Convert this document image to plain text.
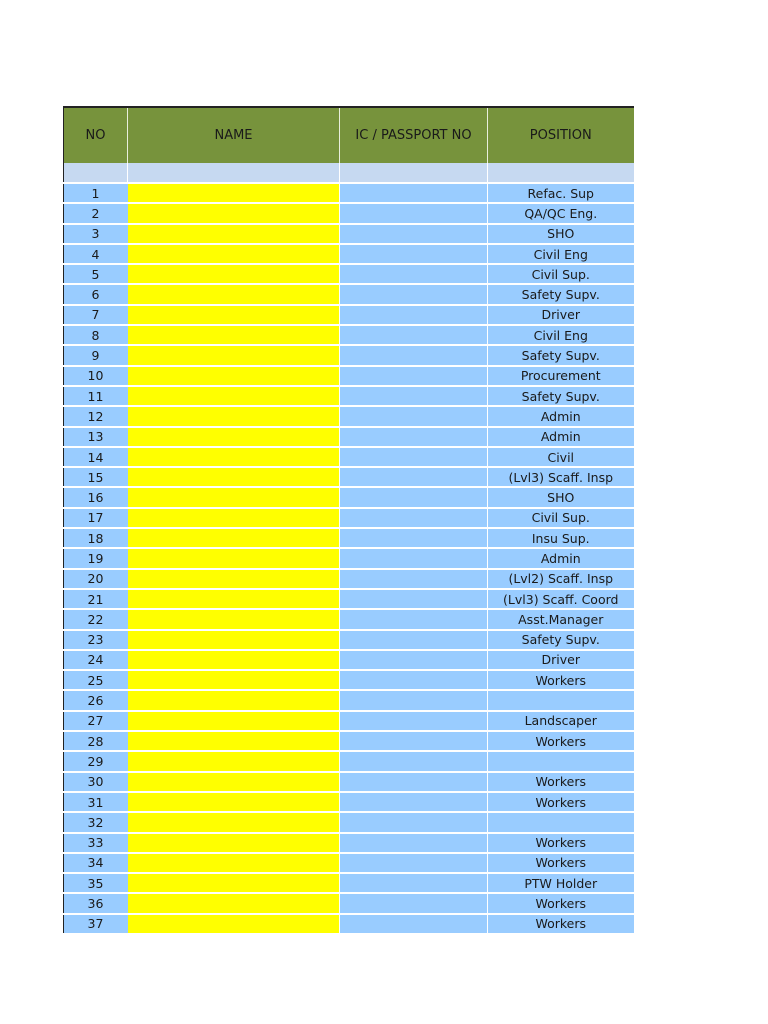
NO	NAME	IC / PASSPORT NO	POSITION

1			Refac. Sup
2			QA/QC Eng.
3			SHO
4			Civil Eng
5			Civil Sup.
6			Safety Supv.
7			Driver
8			Civil Eng
9			Safety Supv.
10			Procurement
11			Safety Supv.
12			Admin
13			Admin
14			Civil
15			(Lvl3) Scaff. Insp
16			SHO
17			Civil Sup.
18			Insu Sup.
19			Admin
20			(Lvl2) Scaff. Insp
21			(Lvl3) Scaff. Coord
22			Asst.Manager
23			Safety Supv.
24			Driver
25			Workers
26			
27			Landscaper
28			Workers
29			
30			Workers
31			Workers
32			
33			Workers
34			Workers
35			PTW Holder
36			Workers
37			Workers
